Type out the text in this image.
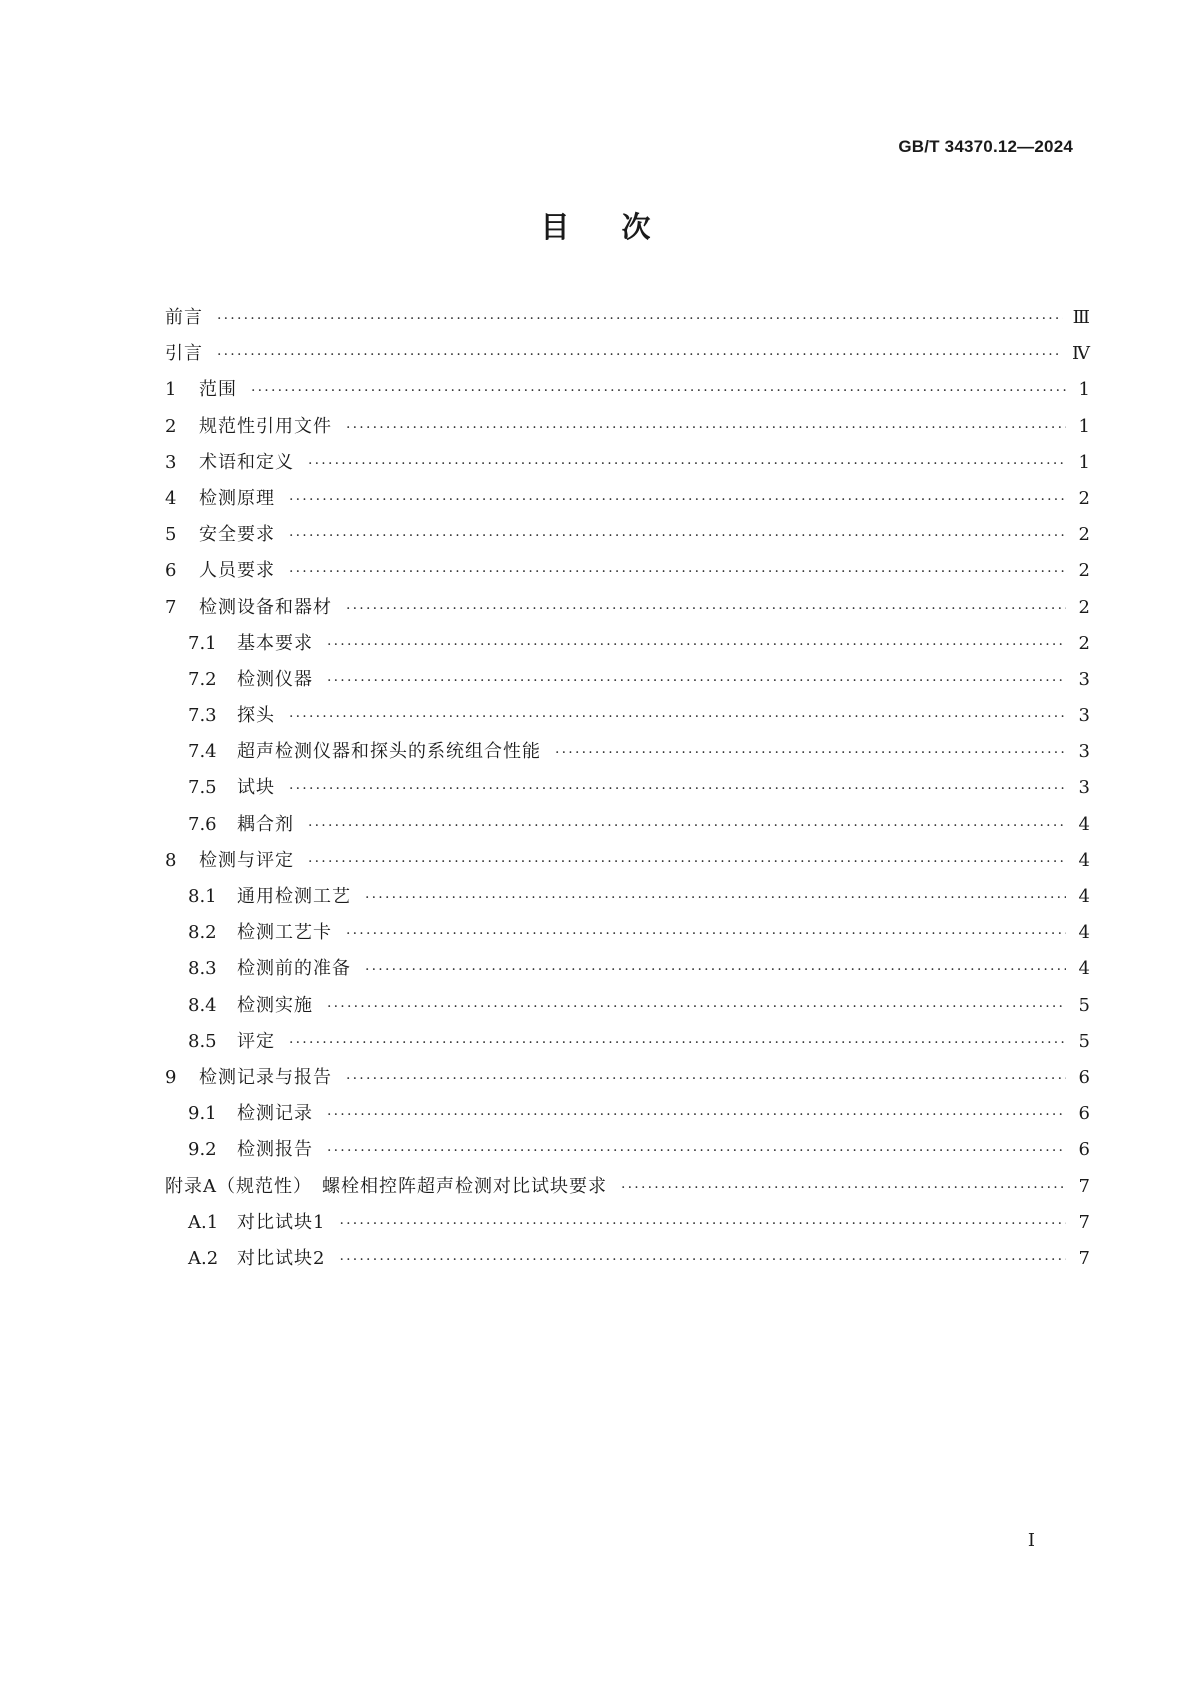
GB/T 34370.12—2024
目 次
前言 ·····	Ⅲ
引言 ·····	Ⅳ
1	范围 ·····	1
2	规范性引用文件 ·····	1
3	术语和定义 ·····	1
4	检测原理 ·····	2
5	安全要求 ·····	2
6	人员要求 ·····	2
7	检测设备和器材 ·····	2
7.1	基本要求 ·····	2
7.2	检测仪器 ·····	3
7.3	探头 ·····	3
7.4	超声检测仪器和探头的系统组合性能 ·····	3
7.5	试块 ·····	3
7.6	耦合剂 ·····	4
8	检测与评定 ·····	4
8.1	通用检测工艺 ·····	4
8.2	检测工艺卡 ·····	4
8.3	检测前的准备 ·····	4
8.4	检测实施 ·····	5
8.5	评定 ·····	5
9	检测记录与报告 ·····	6
9.1	检测记录 ·····	6
9.2	检测报告 ·····	6
附录A（规范性）　螺栓相控阵超声检测对比试块要求 ·····	7
A.1	对比试块1 ·····	7
A.2	对比试块2 ·····	7
I
